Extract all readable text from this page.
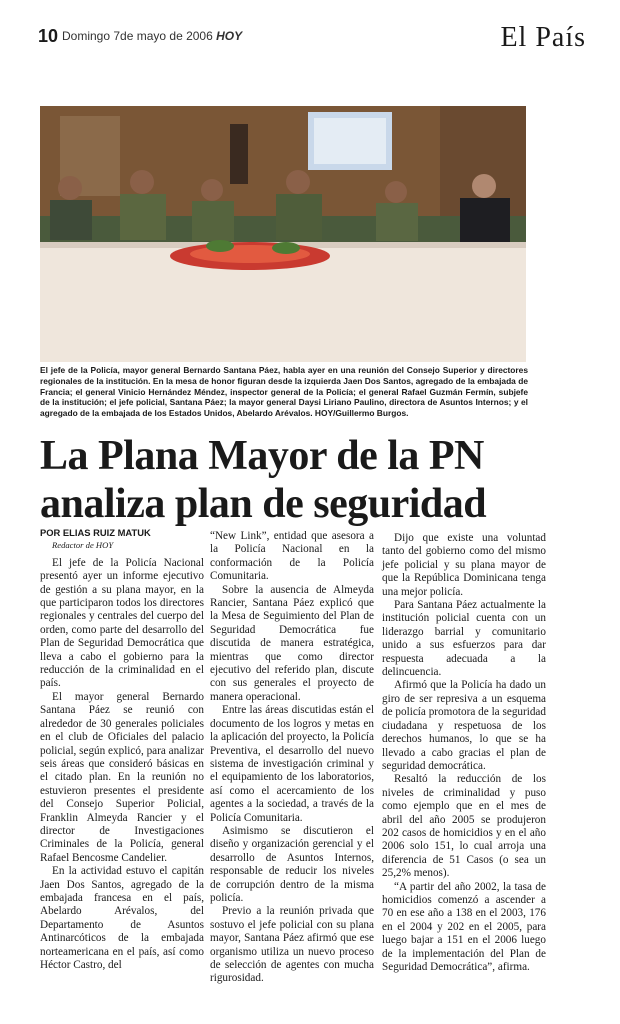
10 Domingo 7de mayo de 2006 HOY	El País
El jefe de la Policía, mayor general Bernardo Santana Páez, habla ayer en una reunión del Consejo Superior y directores regionales de la institución. En la mesa de honor figuran desde la izquierda Jaen Dos Santos, agregado de la embajada de Francia; el general Vinicio Hernández Méndez, inspector general de la Policía; el general Rafael Guzmán Fermín, subjefe de la institución; el jefe policial, Santana Páez; la mayor general Daysi Liriano Paulino, directora de Asuntos Internos; y el agregado de la embajada de los Estados Unidos, Abelardo Arévalos. HOY/Guillermo Burgos.
La Plana Mayor de la PN
analiza plan de seguridad

POR ELIAS RUIZ MATUK

Redactor de HOY

El jefe de la Policía Nacional presentó ayer un informe ejecutivo de gestión a su plana mayor, en la que participaron todos los directores regionales y centrales del cuerpo del orden, como parte del desarrollo del Plan de Seguridad Democrática que lleva a cabo el gobierno para la reducción de la criminalidad en el país.

El mayor general Bernardo Santana Páez se reunió con alrededor de 30 generales policiales en el club de Oficiales del palacio policial, según explicó, para analizar seis áreas que consideró básicas en el citado plan. En la reunión no estuvieron presentes el presidente del Consejo Superior Policial, Franklin Almeyda Rancier y el director de Investigaciones Criminales de la Policía, general Rafael Bencosme Candelier.

En la actividad estuvo el capitán Jaen Dos Santos, agregado de la embajada francesa en el país, Abelardo Arévalos, del Departamento de Asuntos Antinarcóticos de la embajada norteamericana en el país, así como Héctor Castro, del

“New Link”, entidad que asesora a la Policía Nacional en la conformación de la Policía Comunitaria.

Sobre la ausencia de Almeyda Rancier, Santana Páez explicó que la Mesa de Seguimiento del Plan de Seguridad Democrática fue discutida de manera estratégica, mientras que como director ejecutivo del referido plan, discute con sus generales el proyecto de manera operacional.

Entre las áreas discutidas están el documento de los logros y metas en la aplicación del proyecto, la Policía Preventiva, el desarrollo del nuevo sistema de investigación criminal y el equipamiento de los laboratorios, así como el acercamiento de los agentes a la sociedad, a través de la Policía Comunitaria.

Asimismo se discutieron el diseño y organización gerencial y el desarrollo de Asuntos Internos, responsable de reducir los niveles de corrupción dentro de la misma policía.

Previo a la reunión privada que sostuvo el jefe policial con su plana mayor, Santana Páez afirmó que ese organismo utiliza un nuevo proceso de selección de agentes con mucha rigurosidad.

Dijo que existe una voluntad tanto del gobierno como del mismo jefe policial y su plana mayor de que la República Dominicana tenga una mejor policía.

Para Santana Páez actualmente la institución policial cuenta con un liderazgo barrial y comunitario unido a sus esfuerzos para dar respuesta adecuada a la delincuencia.

Afirmó que la Policía ha dado un giro de ser represiva a un esquema de policía promotora de la seguridad ciudadana y respetuosa de los derechos humanos, lo que se ha llevado a cabo gracias el plan de seguridad democrática.

Resaltó la reducción de los niveles de criminalidad y puso como ejemplo que en el mes de abril del año 2005 se produjeron 202 casos de homicidios y en el año 2006 solo 151, lo cual arroja una diferencia de 51 Casos (o sea un 25,2% menos).

“A partir del año 2002, la tasa de homicidios comenzó a ascender a 70 en ese año a 138 en el 2003, 176 en el 2004 y 202 en el 2005, para luego bajar a 151 en el 2006 luego de la implementación del Plan de Seguridad Democrática”, afirma.
